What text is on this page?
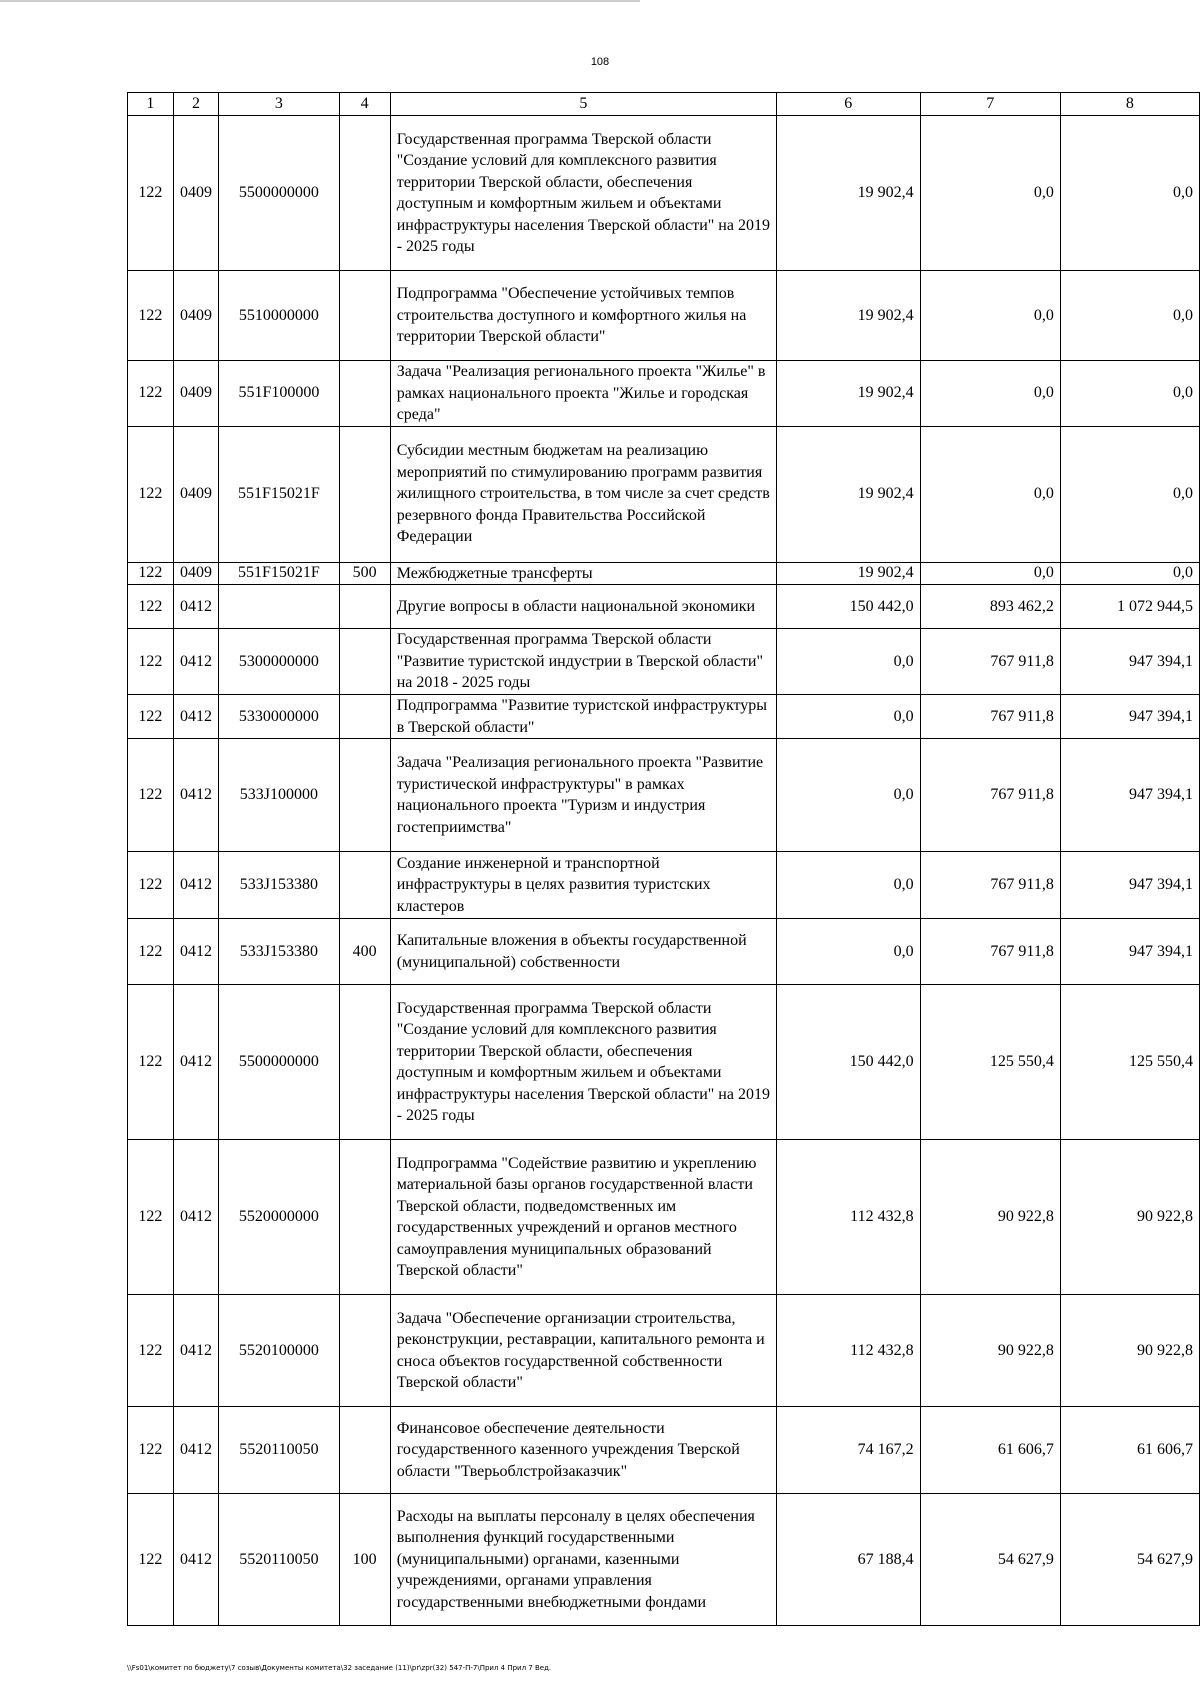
108
1	2	3	4	5	6	7	8
122	0409	5500000000		Государственная программа Тверской области "Создание условий для комплексного развития территории Тверской области, обеспечения доступным и комфортным жильем и объектами инфраструктуры населения Тверской области" на 2019 - 2025 годы	19 902,4	0,0	0,0
122	0409	5510000000		Подпрограмма "Обеспечение устойчивых темпов строительства доступного и комфортного жилья на территории Тверской области"	19 902,4	0,0	0,0
122	0409	551F100000		Задача "Реализация регионального проекта "Жилье" в рамках национального проекта "Жилье и городская среда"	19 902,4	0,0	0,0
122	0409	551F15021F		Субсидии местным бюджетам на реализацию мероприятий по стимулированию программ развития жилищного строительства, в том числе за счет средств резервного фонда Правительства Российской Федерации	19 902,4	0,0	0,0
122	0409	551F15021F	500	Межбюджетные трансферты	19 902,4	0,0	0,0
122	0412			Другие вопросы в области национальной экономики	150 442,0	893 462,2	1 072 944,5
122	0412	5300000000		Государственная программа Тверской области "Развитие туристской индустрии в Тверской области" на 2018 - 2025 годы	0,0	767 911,8	947 394,1
122	0412	5330000000		Подпрограмма "Развитие туристской инфраструктуры в Тверской области"	0,0	767 911,8	947 394,1
122	0412	533J100000		Задача "Реализация регионального проекта "Развитие туристической инфраструктуры" в рамках национального проекта "Туризм и индустрия гостеприимства"	0,0	767 911,8	947 394,1
122	0412	533J153380		Создание инженерной и транспортной инфраструктуры в целях развития туристских кластеров	0,0	767 911,8	947 394,1
122	0412	533J153380	400	Капитальные вложения в объекты государственной (муниципальной) собственности	0,0	767 911,8	947 394,1
122	0412	5500000000		Государственная программа Тверской области "Создание условий для комплексного развития территории Тверской области, обеспечения доступным и комфортным жильем и объектами инфраструктуры населения Тверской области" на 2019 - 2025 годы	150 442,0	125 550,4	125 550,4
122	0412	5520000000		Подпрограмма "Содействие развитию и укреплению материальной базы органов государственной власти Тверской области, подведомственных им государственных учреждений и органов местного самоуправления муниципальных образований Тверской области"	112 432,8	90 922,8	90 922,8
122	0412	5520100000		Задача "Обеспечение организации строительства, реконструкции, реставрации, капитального ремонта и сноса объектов государственной собственности Тверской области"	112 432,8	90 922,8	90 922,8
122	0412	5520110050		Финансовое обеспечение деятельности государственного казенного учреждения Тверской области "Тверьоблстройзаказчик"	74 167,2	61 606,7	61 606,7
122	0412	5520110050	100	Расходы на выплаты персоналу в целях обеспечения выполнения функций государственными (муниципальными) органами, казенными учреждениями, органами управления государственными внебюджетными фондами	67 188,4	54 627,9	54 627,9
\\Fs01\комитет по бюджету\7 созыв\Документы комитета\32 заседание (11)\pr\zpr(32) 547-П-7\Прил 4 Прил 7 Вед.
